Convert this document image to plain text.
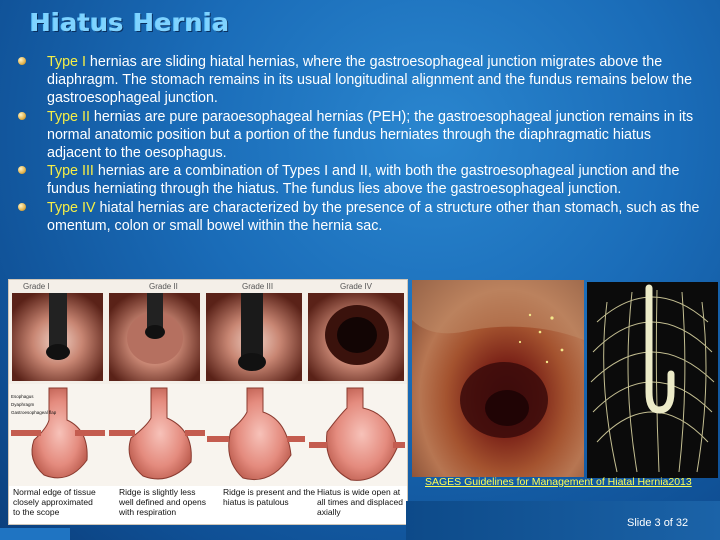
Hiatus Hernia
Type I hernias are sliding hiatal hernias, where the gastroesophageal junction migrates above the diaphragm. The stomach remains in its usual longitudinal alignment and the fundus remains below the gastroesophageal junction.
Type II hernias are pure paraoesophageal hernias (PEH); the gastroesophageal junction remains in its normal anatomic position but a portion of the fundus herniates through the diaphragmatic hiatus adjacent to the oesophagus.
Type III hernias are a combination of Types I and II, with both the gastroesophageal junction and the fundus herniating through the hiatus. The fundus lies above the gastroesophageal junction.
Type IV hiatal hernias are characterized by the presence of a structure other than stomach, such as the omentum, colon or small bowel within the hernia sac.
Grade I	Grade II	Grade III	Grade IV
Esophagus
Dyaphragm
Gastroesophageal flap
Normal edge of tissue closely approximated to the scope
Ridge is slightly less well defined and opens with respiration
Ridge is present and the hiatus is patulous
Hiatus is wide open at all times and displaced axially
SAGES Guidelines for Management of Hiatal Hernia2013
Slide 3 of 32
